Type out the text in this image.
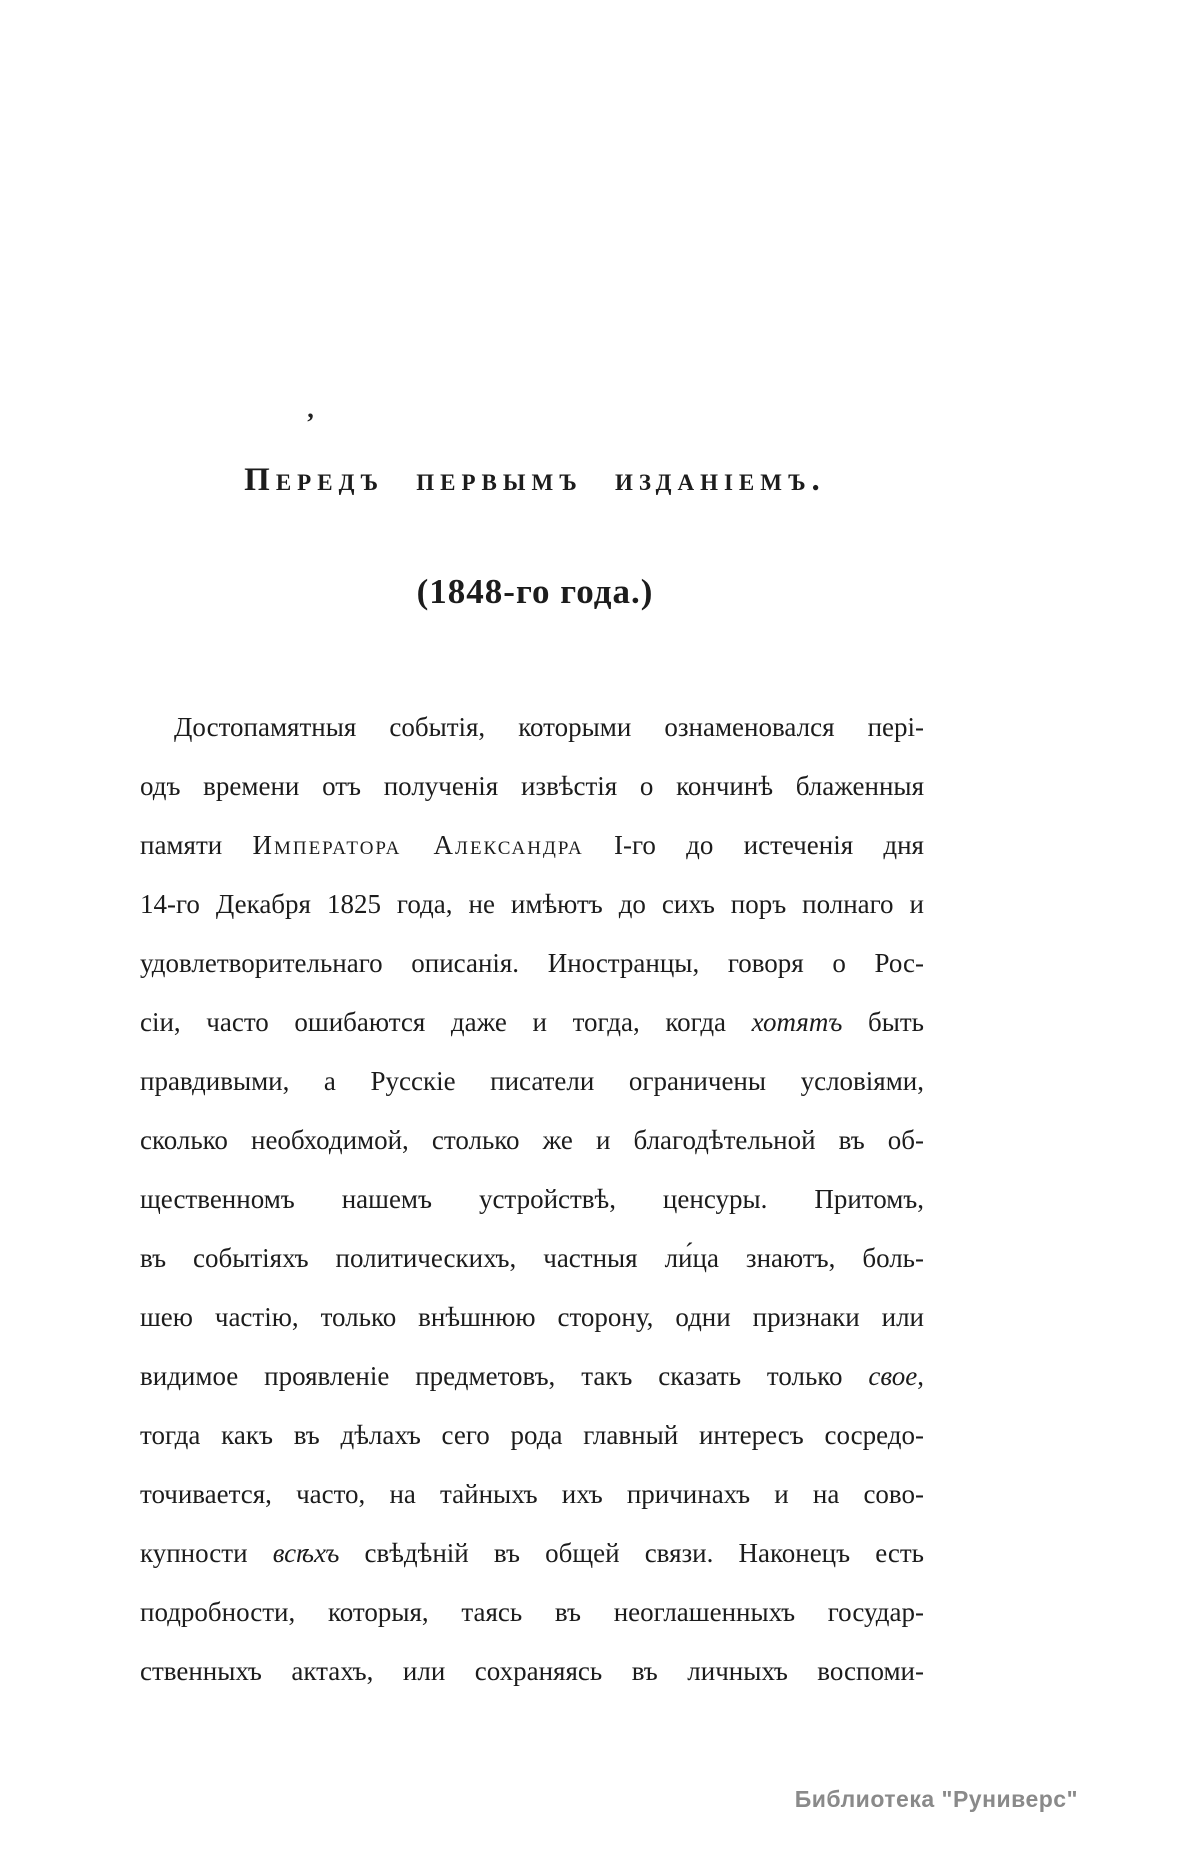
’
Передъ первымъ изданіемъ.
(1848-го года.)
Достопамятныя событія, которыми ознаменовался пері-
одъ времени отъ полученія извѣстія о кончинѣ блаженныя
памяти Императора Александра I-го до истеченія дня
14-го Декабря 1825 года, не имѣютъ до сихъ поръ полнаго и
удовлетворительнаго описанія. Иностранцы, говоря о Рос-
сіи, часто ошибаются даже и тогда, когда хотятъ быть
правдивыми, а Русскіе писатели ограничены условіями,
сколько необходимой, столько же и благодѣтельной въ об-
щественномъ нашемъ устройствѣ, ценсуры. Притомъ,
въ событіяхъ политическихъ, частныя ли́ца знаютъ, боль-
шею частію, только внѣшнюю сторону, одни признаки или
видимое проявленіе предметовъ, такъ сказать только свое,
тогда какъ въ дѣлахъ сего рода главный интересъ сосредо-
точивается, часто, на тайныхъ ихъ причинахъ и на сово-
купности всѣхъ свѣдѣній въ общей связи. Наконецъ есть
подробности, которыя, таясь въ неоглашенныхъ государ-
ственныхъ актахъ, или сохраняясь въ личныхъ воспоми-
Библиотека "Руниверс"
